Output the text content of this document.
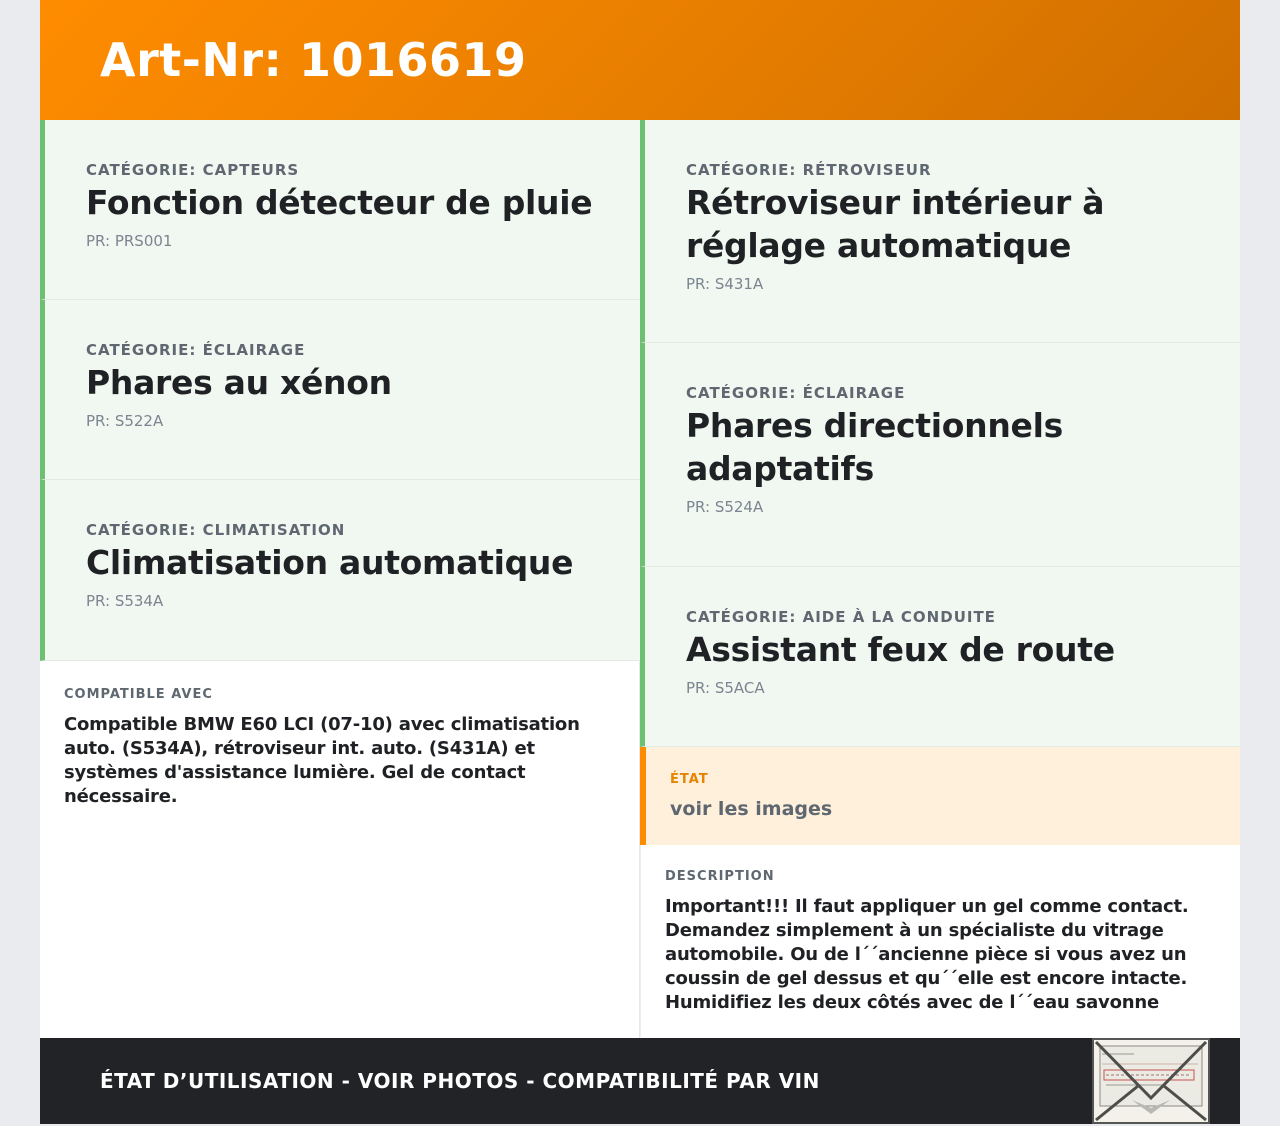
Art-Nr: 1016619
CATÉGORIE: CAPTEURS
Fonction détecteur de pluie
PR: PRS001
CATÉGORIE: ÉCLAIRAGE
Phares au xénon
PR: S522A
CATÉGORIE: CLIMATISATION
Climatisation automatique
PR: S534A
COMPATIBLE AVEC
Compatible BMW E60 LCI (07-10) avec climatisation auto. (S534A), rétroviseur int. auto. (S431A) et systèmes d'assistance lumière. Gel de contact nécessaire.
CATÉGORIE: RÉTROVISEUR
Rétroviseur intérieur à réglage automatique
PR: S431A
CATÉGORIE: ÉCLAIRAGE
Phares directionnels adaptatifs
PR: S524A
CATÉGORIE: AIDE À LA CONDUITE
Assistant feux de route
PR: S5ACA
ÉTAT
voir les images
DESCRIPTION
Important!!! Il faut appliquer un gel comme contact. Demandez simplement à un spécialiste du vitrage automobile. Ou de l´´ancienne pièce si vous avez un coussin de gel dessus et qu´´elle est encore intacte. Humidifiez les deux côtés avec de l´´eau savonne
ÉTAT D’UTILISATION - VOIR PHOTOS - COMPATIBILITÉ PAR VIN
